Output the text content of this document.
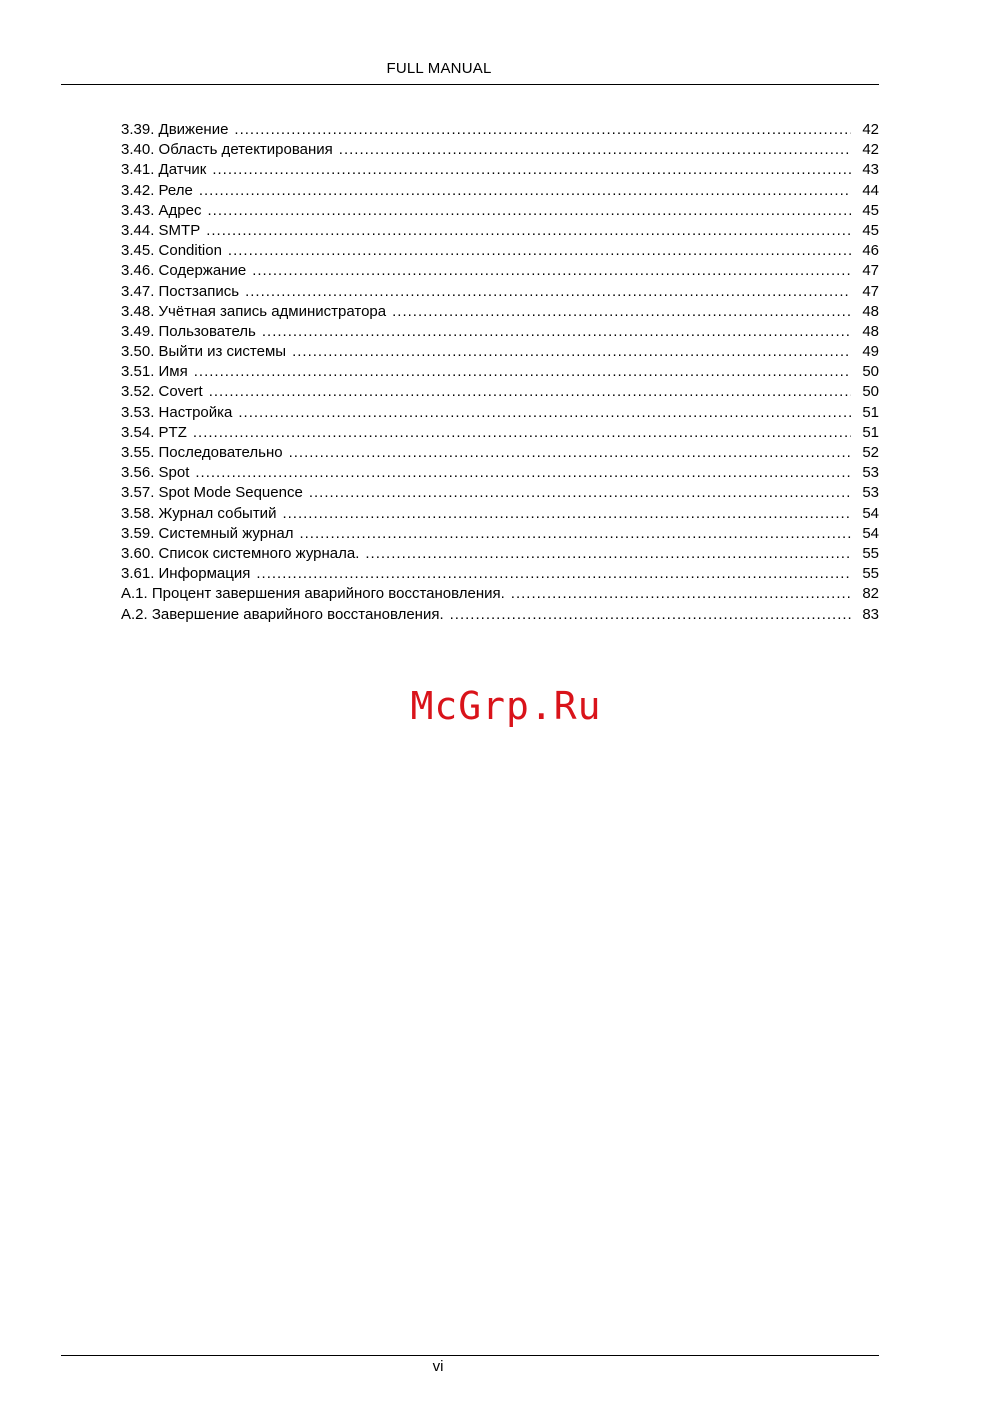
FULL MANUAL
3.39. Движение .....	42
3.40. Область детектирования .....	42
3.41. Датчик .....	43
3.42. Реле .....	44
3.43. Адрес .....	45
3.44. SMTP .....	45
3.45. Condition .....	46
3.46. Содержание .....	47
3.47. Постзапись .....	47
3.48. Учётная запись администратора .....	48
3.49. Пользователь .....	48
3.50. Выйти из системы .....	49
3.51. Имя .....	50
3.52. Covert .....	50
3.53. Настройка .....	51
3.54. PTZ .....	51
3.55. Последовательно .....	52
3.56. Spot .....	53
3.57. Spot Mode Sequence .....	53
3.58. Журнал событий .....	54
3.59. Системный журнал .....	54
3.60. Список системного журнала. .....	55
3.61. Информация .....	55
А.1. Процент завершения аварийного восстановления. .....	82
А.2. Завершение аварийного восстановления. .....	83
McGrp.Ru
vi
